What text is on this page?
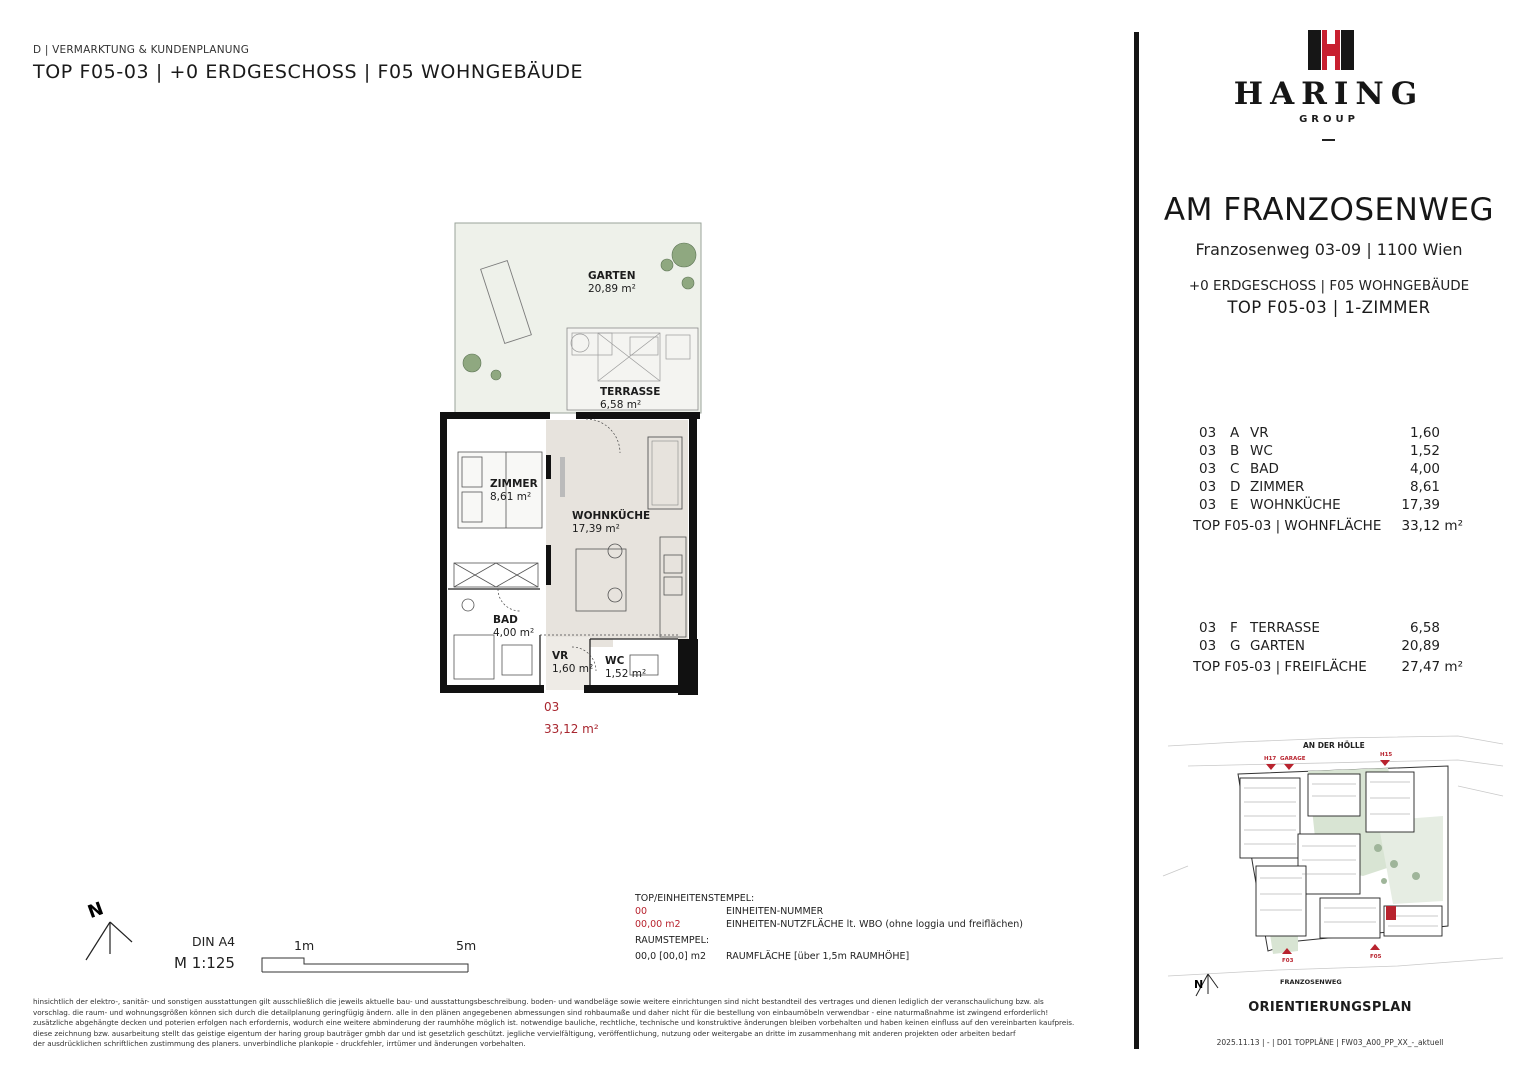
D | VERMARKTUNG & KUNDENPLANUNG
TOP F05-03 | +0 ERDGESCHOSS | F05 WOHNGEBÄUDE
HARING
GROUP
AM FRANZOSENWEG
Franzosenweg 03-09 | 1100 Wien
+0 ERDGESCHOSS | F05 WOHNGEBÄUDE
TOP F05-03 | 1-ZIMMER
03 A VR	1,60
03 B WC	1,52
03 C BAD	4,00
03 D ZIMMER	8,61
03 E WOHNKÜCHE	17,39
TOP F05-03 | WOHNFLÄCHE 33,12 m²
03 F TERRASSE	6,58
03 G GARTEN	20,89
TOP F05-03 | FREIFLÄCHE	27,47 m²
GARTEN
20,89 m²
TERRASSE
6,58 m²
ZIMMER
8,61 m²
WOHNKÜCHE
17,39 m²
BAD
4,00 m²
VR
1,60 m²
WC
1,52 m²
03
33,12 m²
N
DIN A4
M 1:125
1m	5m
TOP/EINHEITENSTEMPEL:
00	EINHEITEN-NUMMER
00,00 m2	EINHEITEN-NUTZFLÄCHE lt. WBO (ohne loggia und freiflächen)
RAUMSTEMPEL:
00,0 [00,0] m2 RAUMFLÄCHE [über 1,5m RAUMHÖHE]
hinsichtlich der elektro-, sanitär- und sonstigen ausstattungen gilt ausschließlich die jeweils aktuelle bau- und ausstattungsbeschreibung. boden- und wandbeläge sowie weitere einrichtungen sind nicht bestandteil des vertrages und dienen lediglich der veranschaulichung bzw. als
vorschlag. die raum- und wohnungsgrößen können sich durch die detailplanung geringfügig ändern. alle in den plänen angegebenen abmessungen sind rohbaumaße und daher nicht für die bestellung von einbaumöbeln verwendbar - eine naturmaßnahme ist zwingend erforderlich!
zusätzliche abgehängte decken und poterien erfolgen nach erfordernis, wodurch eine weitere abminderung der raumhöhe möglich ist. notwendige bauliche, rechtliche, technische und konstruktive änderungen bleiben vorbehalten und haben keinen einfluss auf den vereinbarten kaufpreis.
diese zeichnung bzw. ausarbeitung stellt das geistige eigentum der haring group bauträger gmbh dar und ist gesetzlich geschützt. jegliche vervielfältigung, veröffentlichung, nutzung oder weitergabe an dritte im zusammenhang mit anderen projekten oder arbeiten bedarf
der ausdrücklichen schriftlichen zustimmung des planers. unverbindliche plankopie - druckfehler, irrtümer und änderungen vorbehalten.
AN DER HÖLLE
FRANZOSENWEG
H17 GARAGE
H15
F03
F05
N
ORIENTIERUNGSPLAN
2025.11.13 | - | D01 TOPPLÄNE | FW03_A00_PP_XX_-_aktuell
